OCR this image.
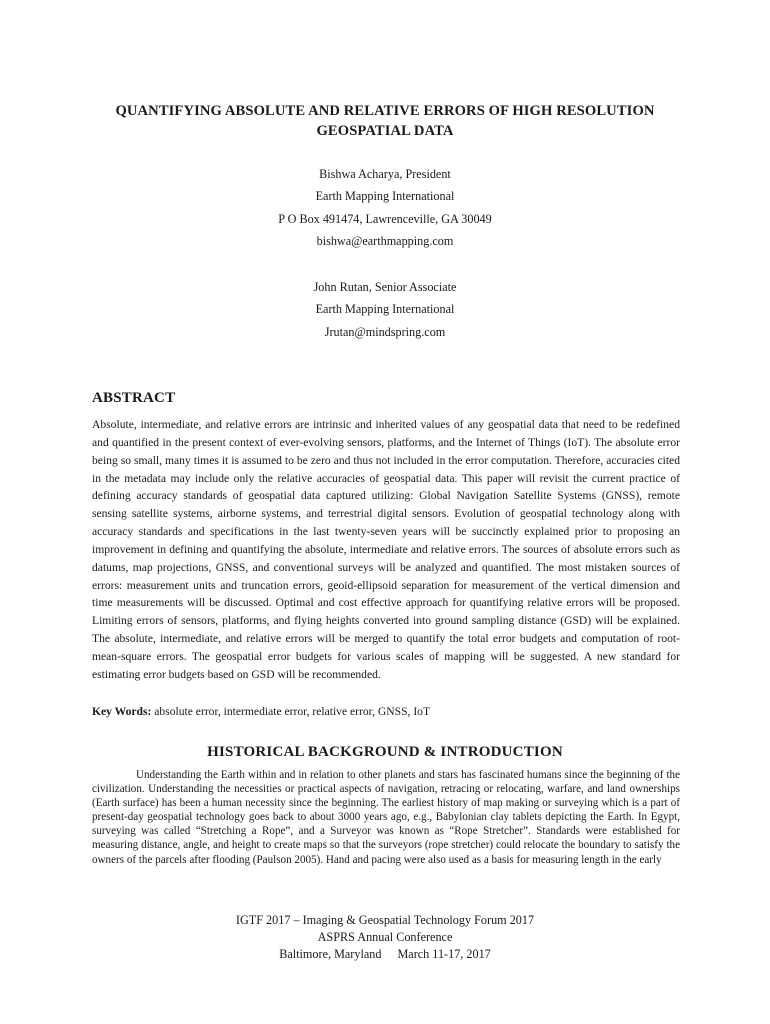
QUANTIFYING ABSOLUTE AND RELATIVE ERRORS OF HIGH RESOLUTION
GEOSPATIAL DATA
Bishwa Acharya, President
Earth Mapping International
P O Box 491474, Lawrenceville, GA 30049
bishwa@earthmapping.com
John Rutan, Senior Associate
Earth Mapping International
Jrutan@mindspring.com
ABSTRACT
Absolute, intermediate, and relative errors are intrinsic and inherited values of any geospatial data that need to be redefined and quantified in the present context of ever-evolving sensors, platforms, and the Internet of Things (IoT). The absolute error being so small, many times it is assumed to be zero and thus not included in the error computation. Therefore, accuracies cited in the metadata may include only the relative accuracies of geospatial data. This paper will revisit the current practice of defining accuracy standards of geospatial data captured utilizing: Global Navigation Satellite Systems (GNSS), remote sensing satellite systems, airborne systems, and terrestrial digital sensors. Evolution of geospatial technology along with accuracy standards and specifications in the last twenty-seven years will be succinctly explained prior to proposing an improvement in defining and quantifying the absolute, intermediate and relative errors. The sources of absolute errors such as datums, map projections, GNSS, and conventional surveys will be analyzed and quantified. The most mistaken sources of errors: measurement units and truncation errors, geoid-ellipsoid separation for measurement of the vertical dimension and time measurements will be discussed. Optimal and cost effective approach for quantifying relative errors will be proposed. Limiting errors of sensors, platforms, and flying heights converted into ground sampling distance (GSD) will be explained. The absolute, intermediate, and relative errors will be merged to quantify the total error budgets and computation of root-mean-square errors. The geospatial error budgets for various scales of mapping will be suggested. A new standard for estimating error budgets based on GSD will be recommended.
Key Words: absolute error, intermediate error, relative error, GNSS, IoT
HISTORICAL BACKGROUND & INTRODUCTION
Understanding the Earth within and in relation to other planets and stars has fascinated humans since the beginning of the civilization. Understanding the necessities or practical aspects of navigation, retracing or relocating, warfare, and land ownerships (Earth surface) has been a human necessity since the beginning. The earliest history of map making or surveying which is a part of present-day geospatial technology goes back to about 3000 years ago, e.g., Babylonian clay tablets depicting the Earth. In Egypt, surveying was called “Stretching a Rope”, and a Surveyor was known as “Rope Stretcher”. Standards were established for measuring distance, angle, and height to create maps so that the surveyors (rope stretcher) could relocate the boundary to satisfy the owners of the parcels after flooding (Paulson 2005). Hand and pacing were also used as a basis for measuring length in the early
IGTF 2017 – Imaging & Geospatial Technology Forum 2017
ASPRS Annual Conference
Baltimore, Maryland March 11-17, 2017
